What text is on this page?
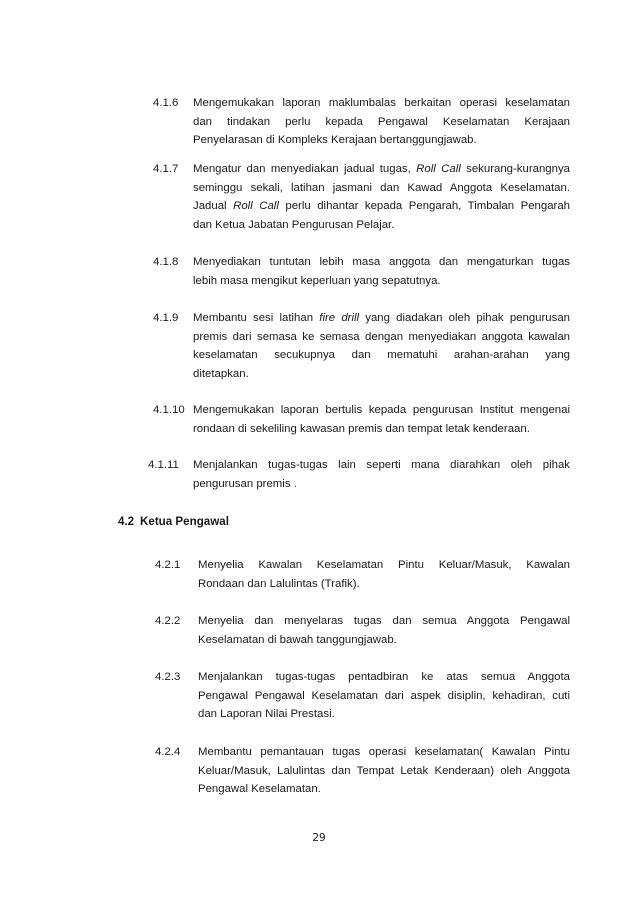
4.1.6 Mengemukakan laporan maklumbalas berkaitan operasi keselamatan
dan tindakan perlu kepada Pengawal Keselamatan Kerajaan
Penyelarasan di Kompleks Kerajaan bertanggungjawab.
4.1.7 Mengatur dan menyediakan jadual tugas, Roll Call sekurang-kurangnya
seminggu sekali, latihan jasmani dan Kawad Anggota Keselamatan.
Jadual  Roll  Call  perlu  dihantar  kepada  Pengarah,  Timbalan  Pengarah
dan Ketua Jabatan Pengurusan Pelajar.
4.1.8 Menyediakan tuntutan lebih masa anggota dan mengaturkan tugas
lebih masa mengikut keperluan yang sepatutnya.
4.1.9 Membantu sesi latihan fire drill yang diadakan oleh pihak pengurusan
premis dari semasa ke semasa dengan menyediakan anggota kawalan
keselamatan secukupnya dan mematuhi arahan-arahan yang
ditetapkan.
4.1.10 Mengemukakan laporan bertulis kepada pengurusan Institut mengenai
rondaan di sekeliling kawasan premis dan tempat letak kenderaan.
4.1.11 Menjalankan tugas-tugas lain seperti mana diarahkan oleh pihak
pengurusan premis .
4.2 Ketua Pengawal
4.2.1 Menyelia Kawalan Keselamatan Pintu Keluar/Masuk, Kawalan
Rondaan dan Lalulintas (Trafik).
4.2.2 Menyelia dan menyelaras tugas dan semua Anggota Pengawal
Keselamatan di bawah tanggungjawab.
4.2.3 Menjalankan tugas-tugas pentadbiran ke atas semua Anggota
Pengawal Pengawal Keselamatan dari aspek disiplin, kehadiran, cuti
dan Laporan Nilai Prestasi.
4.2.4 Membantu pemantauan tugas operasi keselamatan( Kawalan Pintu
Keluar/Masuk, Lalulintas dan Tempat Letak Kenderaan) oleh Anggota
Pengawal Keselamatan.
29
